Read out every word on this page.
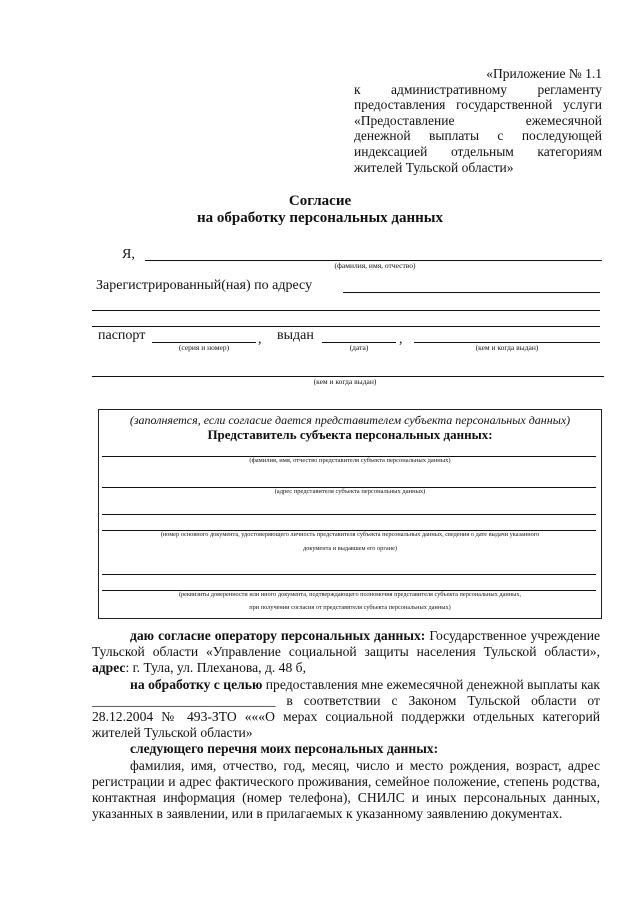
«Приложение № 1.1
к административному регламенту
предоставления государственной услуги
«Предоставление ежемесячной
денежной выплаты с последующей
индексацией отдельным категориям
жителей Тульской области»
Согласие
на обработку персональных данных
Я,
(фамилия, имя, отчество)
Зарегистрированный(ная) по адресу
паспорт
(серия и номер)
, выдан
(дата)
,
(кем и когда выдан)
(кем и когда выдан)
(заполняется, если согласие дается представителем субъекта персональных данных)
Представитель субъекта персональных данных:
(фамилия, имя, отчество представителя субъекта персональных данных)
(адрес представителя субъекта персональных данных)
(номер основного документа, удостоверяющего личность представителя субъекта персональных данных, сведения о дате выдачи указанного
документа и выдавшем его органе)
(реквизиты доверенности или иного документа, подтверждающего полномочия представителя субъекта персональных данных,
при получении согласия от представителя субъекта персональных данных)

даю согласие оператору персональных данных: Государственное учреждение Тульской области «Управление социальной защиты населения Тульской области», адрес: г. Тула, ул. Плеханова, д. 48 б,

на обработку с целью предоставления мне ежемесячной денежной выплаты как ___________________________ в соответствии с Законом Тульской области от 28.12.2004 № 493-ЗТО «««О мерах социальной поддержки отдельных категорий жителей Тульской области»

следующего перечня моих персональных данных:

фамилия, имя, отчество, год, месяц, число и место рождения, возраст, адрес регистрации и адрес фактического проживания, семейное положение, степень родства, контактная информация (номер телефона), СНИЛС и иных персональных данных, указанных в заявлении, или в прилагаемых к указанному заявлению документах.
